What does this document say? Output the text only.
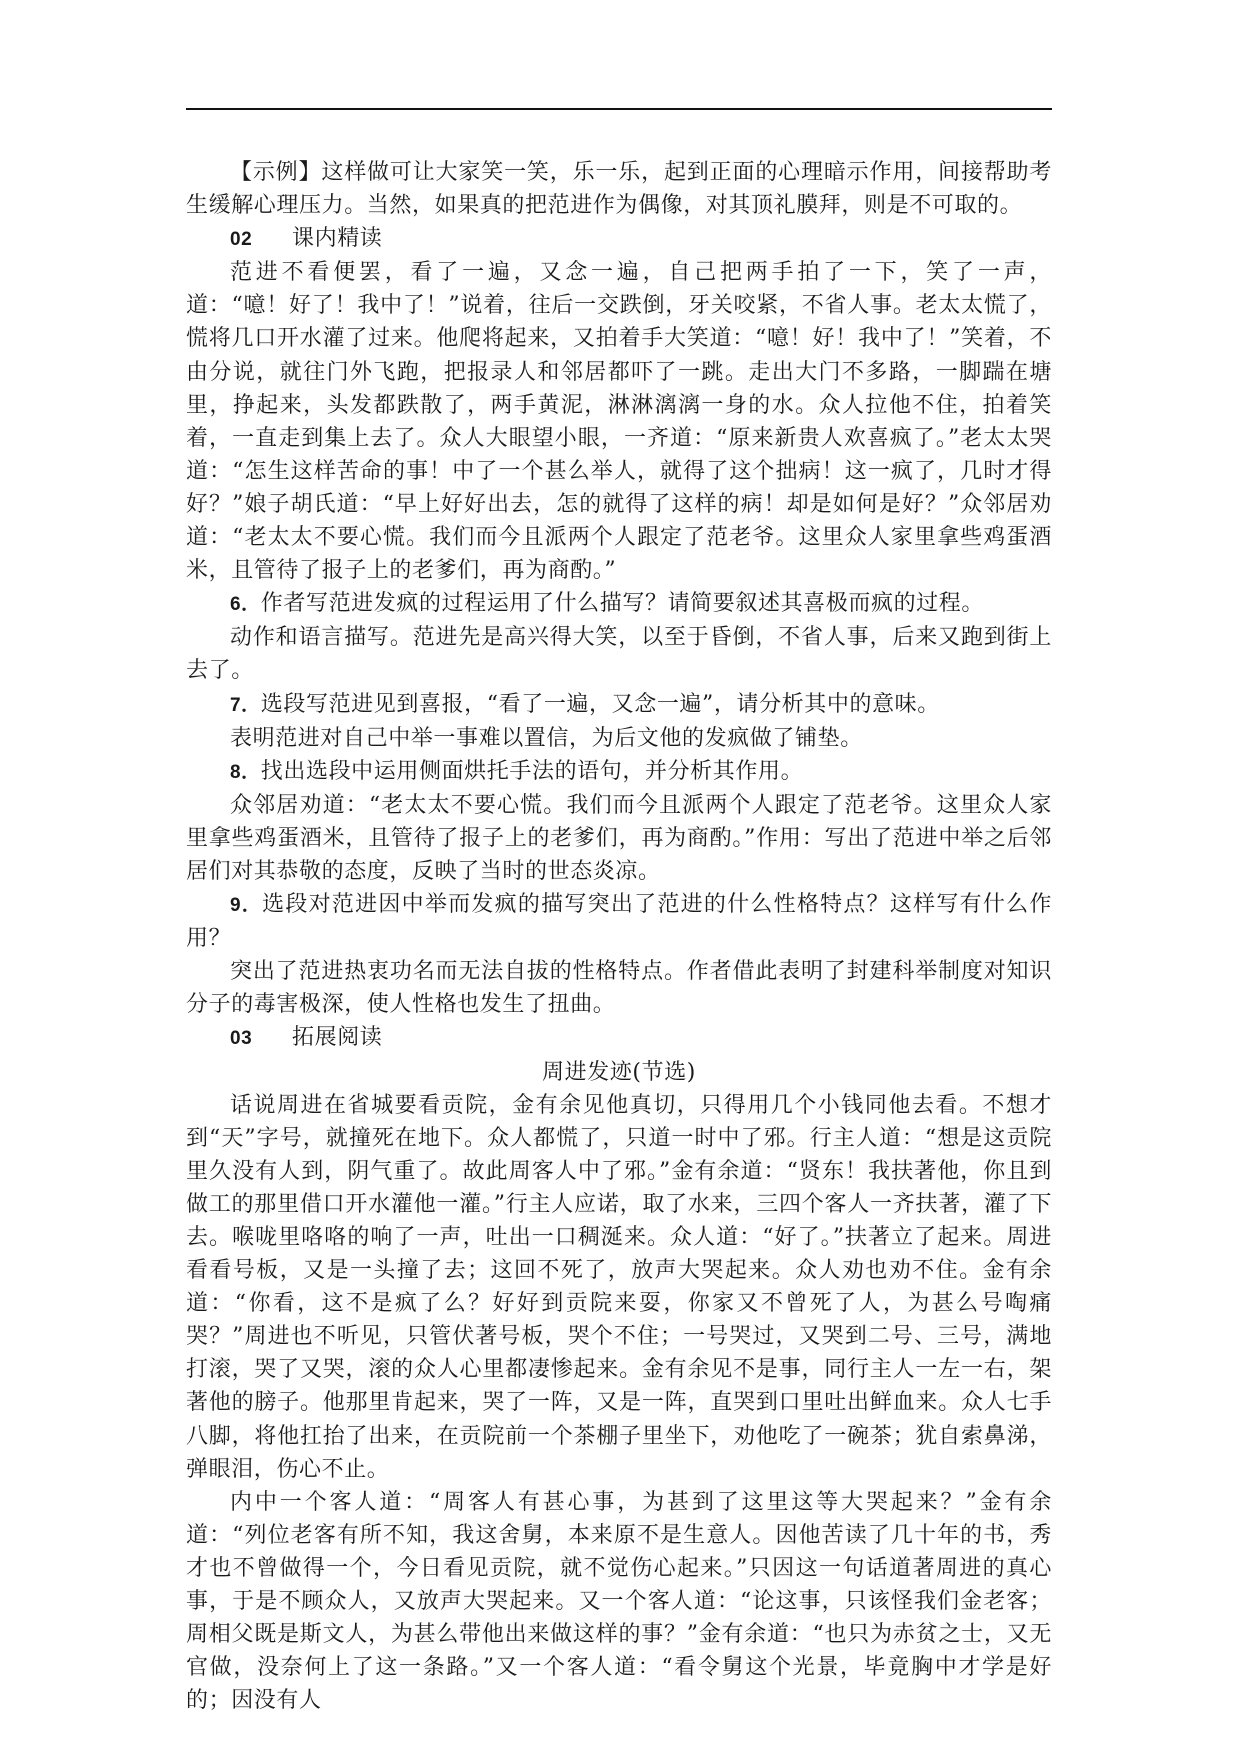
【示例】这样做可让大家笑一笑，乐一乐，起到正面的心理暗示作用，间接帮助考生缓解心理压力。当然，如果真的把范进作为偶像，对其顶礼膜拜，则是不可取的。

02 课内精读

范进不看便罢，看了一遍，又念一遍，自己把两手拍了一下，笑了一声，道：“噫！好了！我中了！”说着，往后一交跌倒，牙关咬紧，不省人事。老太太慌了，慌将几口开水灌了过来。他爬将起来，又拍着手大笑道：“噫！好！我中了！”笑着，不由分说，就往门外飞跑，把报录人和邻居都吓了一跳。走出大门不多路，一脚踹在塘里，挣起来，头发都跌散了，两手黄泥，淋淋漓漓一身的水。众人拉他不住，拍着笑着，一直走到集上去了。众人大眼望小眼，一齐道：“原来新贵人欢喜疯了。”老太太哭道：“怎生这样苦命的事！中了一个甚么举人，就得了这个拙病！这一疯了，几时才得好？”娘子胡氏道：“早上好好出去，怎的就得了这样的病！却是如何是好？”众邻居劝道：“老太太不要心慌。我们而今且派两个人跟定了范老爷。这里众人家里拿些鸡蛋酒米，且管待了报子上的老爹们，再为商酌。”

6．作者写范进发疯的过程运用了什么描写？请简要叙述其喜极而疯的过程。

动作和语言描写。范进先是高兴得大笑，以至于昏倒，不省人事，后来又跑到街上去了。

7．选段写范进见到喜报，“看了一遍，又念一遍”，请分析其中的意味。

表明范进对自己中举一事难以置信，为后文他的发疯做了铺垫。

8．找出选段中运用侧面烘托手法的语句，并分析其作用。

众邻居劝道：“老太太不要心慌。我们而今且派两个人跟定了范老爷。这里众人家里拿些鸡蛋酒米，且管待了报子上的老爹们，再为商酌。”作用：写出了范进中举之后邻居们对其恭敬的态度，反映了当时的世态炎凉。

9．选段对范进因中举而发疯的描写突出了范进的什么性格特点？这样写有什么作用？

突出了范进热衷功名而无法自拔的性格特点。作者借此表明了封建科举制度对知识分子的毒害极深，使人性格也发生了扭曲。

03 拓展阅读
周进发迹(节选)

话说周进在省城要看贡院，金有余见他真切，只得用几个小钱同他去看。不想才到“天”字号，就撞死在地下。众人都慌了，只道一时中了邪。行主人道：“想是这贡院里久没有人到，阴气重了。故此周客人中了邪。”金有余道：“贤东！我扶著他，你且到做工的那里借口开水灌他一灌。”行主人应诺，取了水来，三四个客人一齐扶著，灌了下去。喉咙里咯咯的响了一声，吐出一口稠涎来。众人道：“好了。”扶著立了起来。周进看看号板，又是一头撞了去；这回不死了，放声大哭起来。众人劝也劝不住。金有余道：“你看，这不是疯了么？好好到贡院来耍，你家又不曾死了人，为甚么号啕痛哭？”周进也不听见，只管伏著号板，哭个不住；一号哭过，又哭到二号、三号，满地打滚，哭了又哭，滚的众人心里都凄惨起来。金有余见不是事，同行主人一左一右，架著他的膀子。他那里肯起来，哭了一阵，又是一阵，直哭到口里吐出鲜血来。众人七手八脚，将他扛抬了出来，在贡院前一个茶棚子里坐下，劝他吃了一碗茶；犹自索鼻涕，弹眼泪，伤心不止。

内中一个客人道：“周客人有甚心事，为甚到了这里这等大哭起来？”金有余道：“列位老客有所不知，我这舍舅，本来原不是生意人。因他苦读了几十年的书，秀才也不曾做得一个，今日看见贡院，就不觉伤心起来。”只因这一句话道著周进的真心事，于是不顾众人，又放声大哭起来。又一个客人道：“论这事，只该怪我们金老客；周相父既是斯文人，为甚么带他出来做这样的事？”金有余道：“也只为赤贫之士，又无官做，没奈何上了这一条路。”又一个客人道：“看令舅这个光景，毕竟胸中才学是好的；因没有人
